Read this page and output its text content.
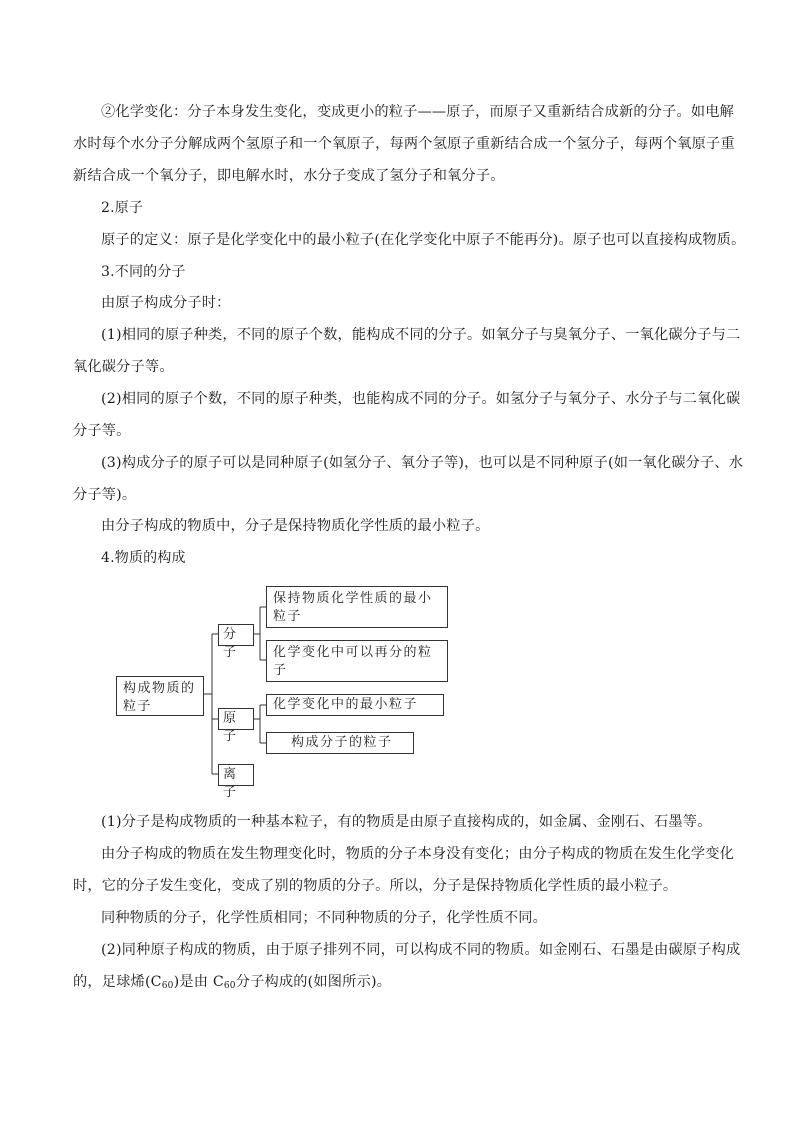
②化学变化：分子本身发生变化，变成更小的粒子——原子，而原子又重新结合成新的分子。如电解
水时每个水分子分解成两个氢原子和一个氧原子，每两个氢原子重新结合成一个氢分子，每两个氧原子重
新结合成一个氧分子，即电解水时，水分子变成了氢分子和氧分子。
2.原子
原子的定义：原子是化学变化中的最小粒子(在化学变化中原子不能再分)。原子也可以直接构成物质。
3.不同的分子
由原子构成分子时：
(1)相同的原子种类，不同的原子个数，能构成不同的分子。如氧分子与臭氧分子、一氧化碳分子与二
氧化碳分子等。
(2)相同的原子个数，不同的原子种类，也能构成不同的分子。如氢分子与氧分子、水分子与二氧化碳
分子等。
(3)构成分子的原子可以是同种原子(如氢分子、氧分子等)，也可以是不同种原子(如一氧化碳分子、水
分子等)。
由分子构成的物质中，分子是保持物质化学性质的最小粒子。
4.物质的构成
构成物质的粒子
分子
原子
离子
保持物质化学性质的最小粒子
化学变化中可以再分的粒子
化学变化中的最小粒子
构成分子的粒子
(1)分子是构成物质的一种基本粒子，有的物质是由原子直接构成的，如金属、金刚石、石墨等。
由分子构成的物质在发生物理变化时，物质的分子本身没有变化；由分子构成的物质在发生化学变化
时，它的分子发生变化，变成了别的物质的分子。所以，分子是保持物质化学性质的最小粒子。
同种物质的分子，化学性质相同；不同种物质的分子，化学性质不同。
(2)同种原子构成的物质，由于原子排列不同，可以构成不同的物质。如金刚石、石墨是由碳原子构成
的，足球烯$(C_{60})$是由 $C_{60}$分子构成的(如图所示)。
